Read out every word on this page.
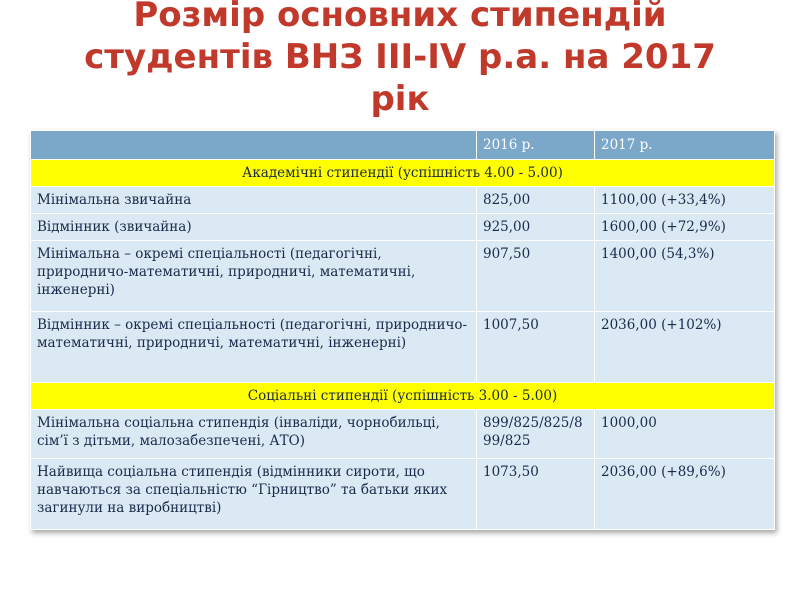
Розмір основних стипендій
студентів ВНЗ ІІІ-IV р.а. на 2017
рік
	2016 р.	2017 р.
Академічні стипендії (успішність 4.00 - 5.00)		
Мінімальна звичайна	825,00	1100,00 (+33,4%)
Відмінник (звичайна)	925,00	1600,00 (+72,9%)
Мінімальна – окремі спеціальності (педагогічні, природничо-математичні, природничі, математичні, інженерні)	907,50	1400,00 (54,3%)
Відмінник – окремі спеціальності (педагогічні, природничо-математичні, природничі, математичні, інженерні)	1007,50	2036,00 (+102%)
Соціальні стипендії (успішність 3.00 - 5.00)		
Мінімальна соціальна стипендія (інваліди, чорнобильці, сім’ї з дітьми, малозабезпечені, АТО)	899/825/825/899/825	1000,00
Найвища соціальна стипендія (відмінники сироти, що навчаються за спеціальністю “Гірництво” та батьки яких загинули на виробництві)	1073,50	2036,00 (+89,6%)
